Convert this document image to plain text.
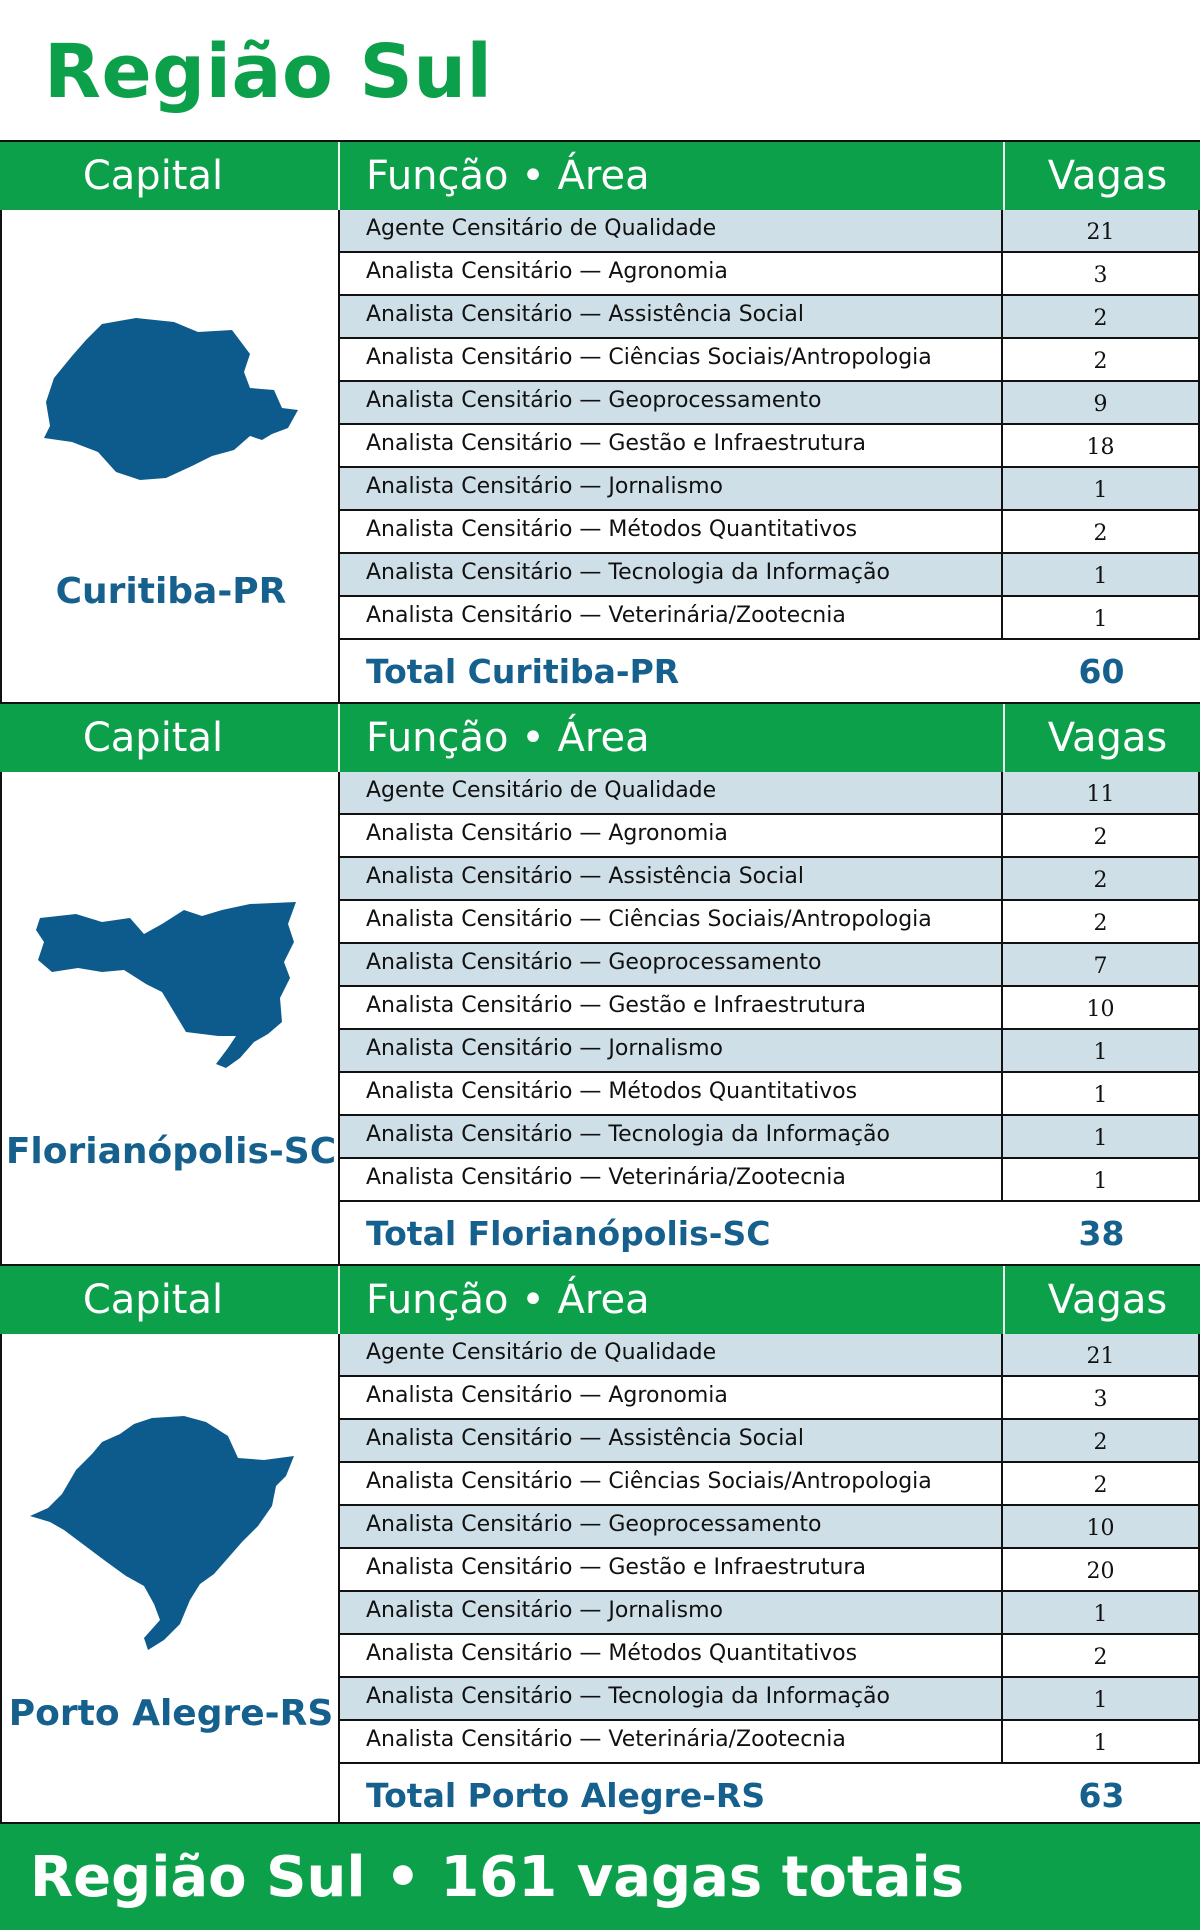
Região Sul
Capital	Função • Área	Vagas
Curitiba-PR
Agente Censitário de Qualidade	21
Analista Censitário — Agronomia	3
Analista Censitário — Assistência Social	2
Analista Censitário — Ciências Sociais/Antropologia	2
Analista Censitário — Geoprocessamento	9
Analista Censitário — Gestão e Infraestrutura	18
Analista Censitário — Jornalismo	1
Analista Censitário — Métodos Quantitativos	2
Analista Censitário — Tecnologia da Informação	1
Analista Censitário — Veterinária/Zootecnia	1
Total Curitiba-PR	60
Capital	Função • Área	Vagas
Florianópolis-SC
Agente Censitário de Qualidade	11
Analista Censitário — Agronomia	2
Analista Censitário — Assistência Social	2
Analista Censitário — Ciências Sociais/Antropologia	2
Analista Censitário — Geoprocessamento	7
Analista Censitário — Gestão e Infraestrutura	10
Analista Censitário — Jornalismo	1
Analista Censitário — Métodos Quantitativos	1
Analista Censitário — Tecnologia da Informação	1
Analista Censitário — Veterinária/Zootecnia	1
Total Florianópolis-SC	38
Capital	Função • Área	Vagas
Porto Alegre-RS
Agente Censitário de Qualidade	21
Analista Censitário — Agronomia	3
Analista Censitário — Assistência Social	2
Analista Censitário — Ciências Sociais/Antropologia	2
Analista Censitário — Geoprocessamento	10
Analista Censitário — Gestão e Infraestrutura	20
Analista Censitário — Jornalismo	1
Analista Censitário — Métodos Quantitativos	2
Analista Censitário — Tecnologia da Informação	1
Analista Censitário — Veterinária/Zootecnia	1
Total Porto Alegre-RS	63
Região Sul • 161 vagas totais
